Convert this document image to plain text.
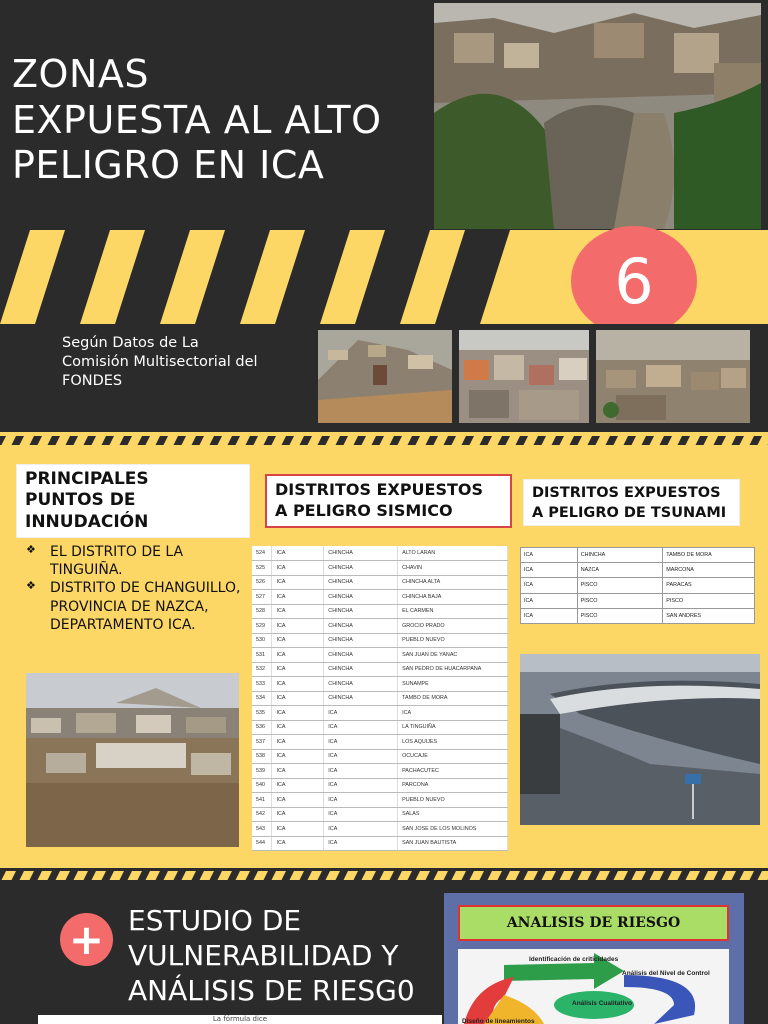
ZONAS
EXPUESTA AL ALTO
PELIGRO EN ICA
6
Según Datos de La
Comisión Multisectorial del
FONDES
PRINCIPALES
PUNTOS DE
INNUDACIÓN
DISTRITOS EXPUESTOS
A PELIGRO SISMICO
DISTRITOS EXPUESTOS
A PELIGRO DE TSUNAMI
❖ EL DISTRITO DE LA TINGUIÑA.
❖ DISTRITO DE CHANGUILLO, PROVINCIA DE NAZCA, DEPARTAMENTO ICA.
524	ICA	CHINCHA	ALTO LARAN
525	ICA	CHINCHA	CHAVIN
526	ICA	CHINCHA	CHINCHA ALTA
527	ICA	CHINCHA	CHINCHA BAJA
528	ICA	CHINCHA	EL CARMEN
529	ICA	CHINCHA	GROCIO PRADO
530	ICA	CHINCHA	PUEBLO NUEVO
531	ICA	CHINCHA	SAN JUAN DE YANAC
532	ICA	CHINCHA	SAN PEDRO DE HUACARPANA
533	ICA	CHINCHA	SUNAMPE
534	ICA	CHINCHA	TAMBO DE MORA
535	ICA	ICA	ICA
536	ICA	ICA	LA TINGUIÑA
537	ICA	ICA	LOS AQUIJES
538	ICA	ICA	OCUCAJE
539	ICA	ICA	PACHACUTEC
540	ICA	ICA	PARCONA
541	ICA	ICA	PUEBLO NUEVO
542	ICA	ICA	SALAS
543	ICA	ICA	SAN JOSE DE LOS MOLINOS
544	ICA	ICA	SAN JUAN BAUTISTA
ICA	CHINCHA	TAMBO DE MORA
ICA	NAZCA	MARCONA
ICA	PISCO	PARACAS
ICA	PISCO	PISCO
ICA	PISCO	SAN ANDRES
+ ESTUDIO DE
VULNERABILIDAD Y
ANÁLISIS DE RIESG0
ANALISIS DE RIESGO
Identificación de criticidades
Análisis del Nivel de Control
Análisis Cualitativo
Diseño de lineamientos
La fórmula dice
